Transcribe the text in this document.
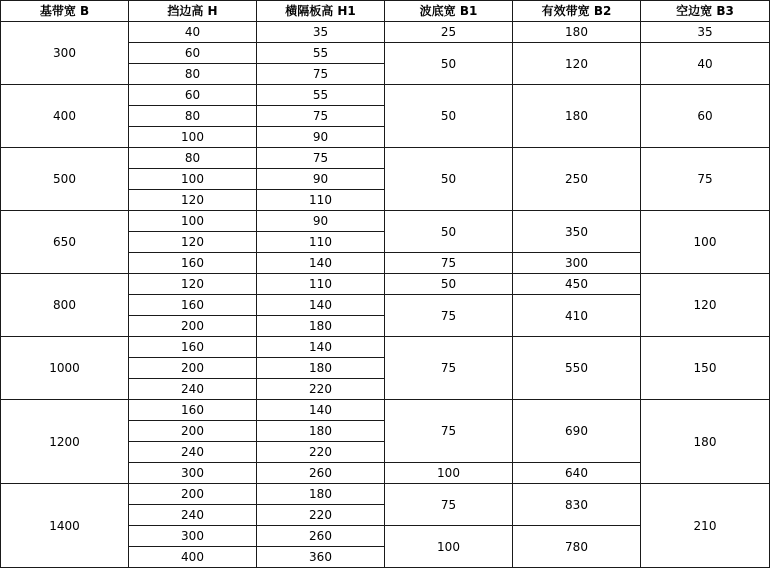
基带宽 B	挡边高 H	横隔板高 H1	波底宽 B1	有效带宽 B2	空边宽 B3
300	40	35	25	180	35
	60	55	50	120	40
	80	75			
400	60	55	50	180	60
	80	75			
	100	90			
500	80	75	50	250	75
	100	90			
	120	110			
650	100	90	50	350	100
	120	110			
	160	140	75	300	
800	120	110	50	450	120
	160	140	75	410	
	200	180			
1000	160	140	75	550	150
	200	180			
	240	220			
1200	160	140	75	690	180
	200	180			
	240	220			
	300	260	100	640	
1400	200	180	75	830	210
	240	220			
	300	260	100	780	
	400	360			
